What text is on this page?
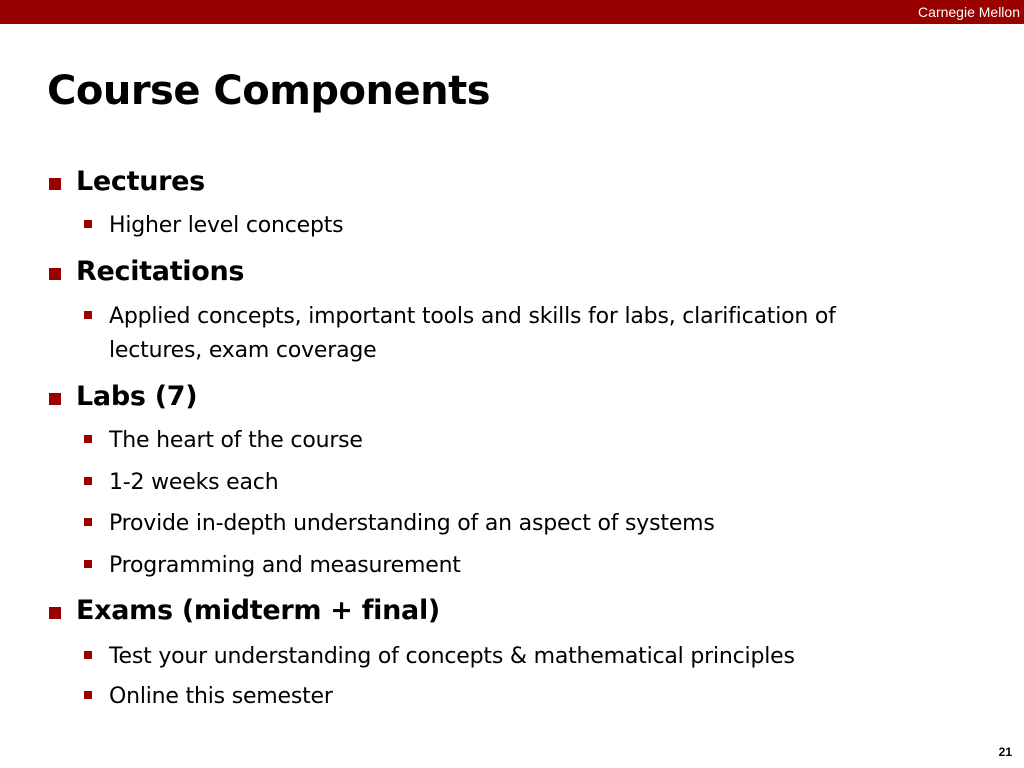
Carnegie Mellon
Course Components
Lectures
Higher level concepts
Recitations
Applied concepts, important tools and skills for labs, clarification of lectures, exam coverage
Labs (7)
The heart of the course
1-2 weeks each
Provide in-depth understanding of an aspect of systems
Programming and measurement
Exams (midterm + final)
Test your understanding of concepts & mathematical principles
Online this semester
21
